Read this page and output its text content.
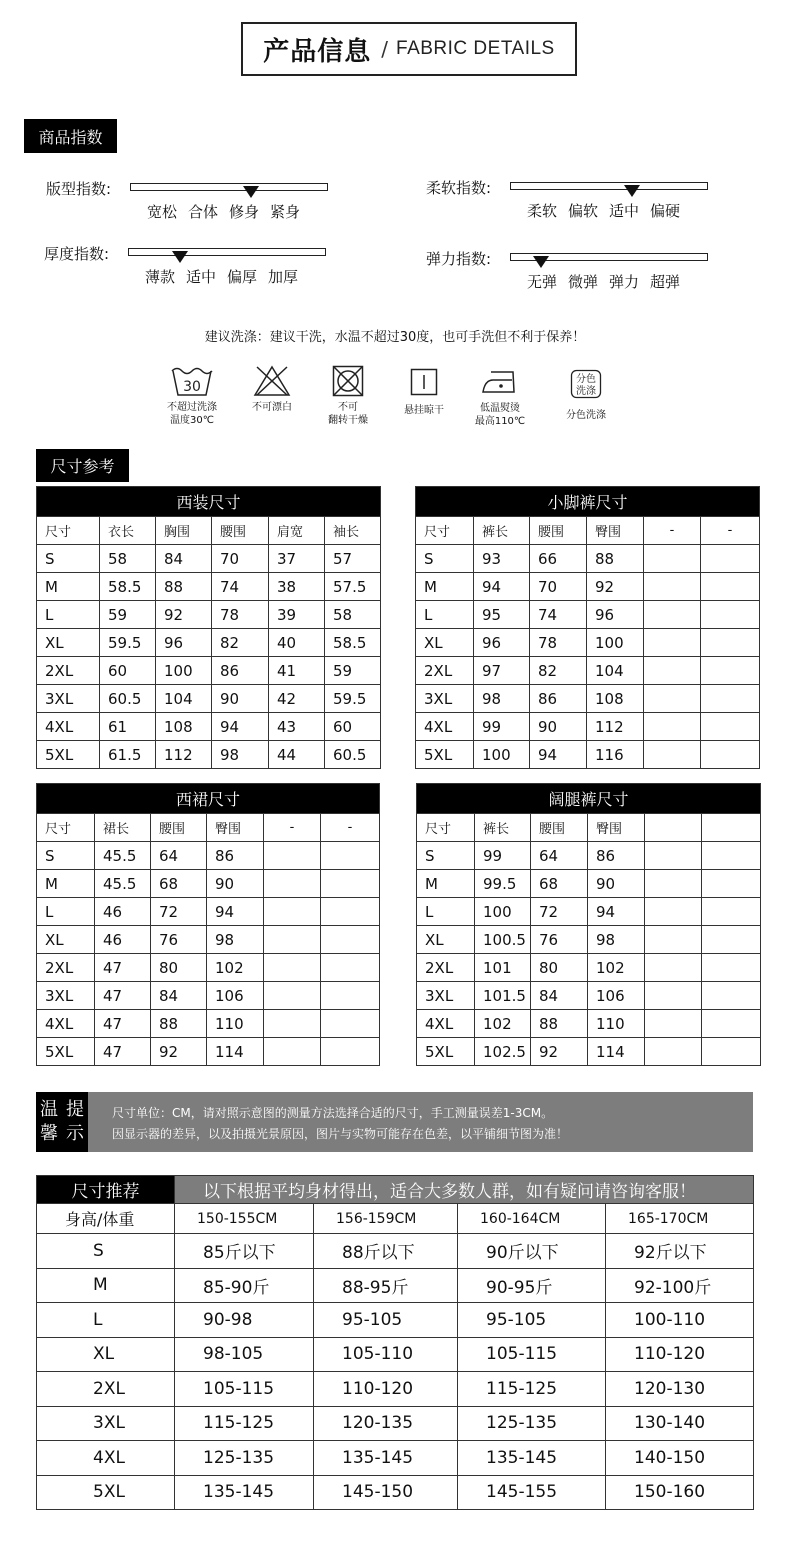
产品信息 / FABRIC DETAILS
商品指数
版型指数:
宽松 合体 修身 紧身
柔软指数:
柔软 偏软 适中 偏硬
厚度指数:
薄款 适中 偏厚 加厚
弹力指数:
无弹 微弹 弹力 超弹
建议洗涤：建议干洗，水温不超过30度，也可手洗但不利于保养！
30
不超过洗涤
温度30℃
不可漂白	不可
翻转干燥
悬挂晾干	低温熨烫
最高110℃
分色
洗涤
分色洗涤
尺寸参考
西装尺寸					
尺寸	衣长	胸围	腰围	肩宽	袖长
S	58	84	70	37	57
M	58.5	88	74	38	57.5
L	59	92	78	39	58
XL	59.5	96	82	40	58.5
2XL	60	100	86	41	59
3XL	60.5	104	90	42	59.5
4XL	61	108	94	43	60
5XL	61.5	112	98	44	60.5
小脚裤尺寸					
尺寸	裤长	腰围	臀围	-	-
S	93	66	88		
M	94	70	92		
L	95	74	96		
XL	96	78	100		
2XL	97	82	104		
3XL	98	86	108		
4XL	99	90	112		
5XL	100	94	116		
西裙尺寸					
尺寸	裙长	腰围	臀围	-	-
S	45.5	64	86		
M	45.5	68	90		
L	46	72	94		
XL	46	76	98		
2XL	47	80	102		
3XL	47	84	106		
4XL	47	88	110		
5XL	47	92	114		
阔腿裤尺寸					
尺寸	裤长	腰围	臀围		
S	99	64	86		
M	99.5	68	90		
L	100	72	94		
XL	100.5	76	98		
2XL	101	80	102		
3XL	101.5	84	106		
4XL	102	88	110		
5XL	102.5	92	114		
温馨

提示
尺寸单位：CM，请对照示意图的测量方法选择合适的尺寸，手工测量误差1-3CM。
因显示器的差异，以及拍摄光景原因，图片与实物可能存在色差，以平铺细节图为准！
尺寸推荐	以下根据平均身材得出，适合大多数人群，如有疑问请咨询客服！			
身高/体重	150-155CM	156-159CM	160-164CM	165-170CM
S	85斤以下	88斤以下	90斤以下	92斤以下
M	85-90斤	88-95斤	90-95斤	92-100斤
L	90-98	95-105	95-105	100-110
XL	98-105	105-110	105-115	110-120
2XL	105-115	110-120	115-125	120-130
3XL	115-125	120-135	125-135	130-140
4XL	125-135	135-145	135-145	140-150
5XL	135-145	145-150	145-155	150-160
